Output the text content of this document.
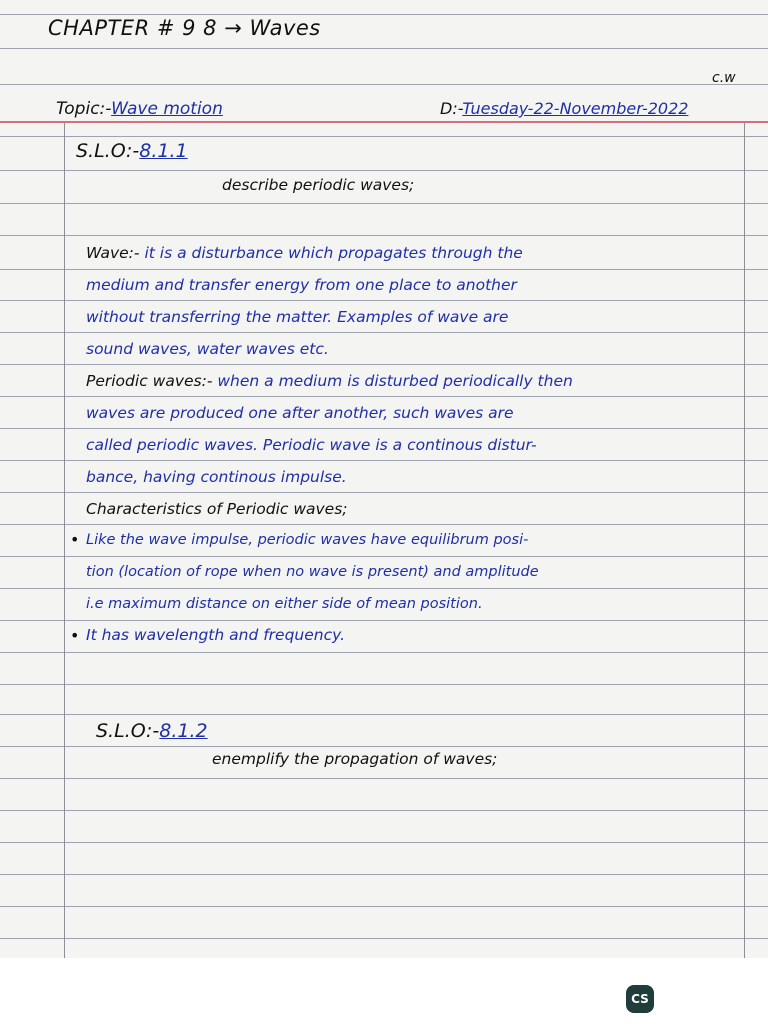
CHAPTER # 9 8 → Waves
c.w
Topic:-Wave motion	D:-Tuesday-22-November-2022
S.L.O:-8.1.1
describe periodic waves;
Wave:- it is a disturbance which propagates through the
medium and transfer energy from one place to another
without transferring the matter. Examples of wave are
sound waves, water waves etc.
Periodic waves:- when a medium is disturbed periodically then
waves are produced one after another, such waves are
called periodic waves. Periodic wave is a continous distur-
bance, having continous impulse.
Characteristics of Periodic waves;
• Like the wave impulse, periodic waves have equilibrum posi-
tion (location of rope when no wave is present) and amplitude
i.e maximum distance on either side of mean position.
• It has wavelength and frequency.
S.L.O:-8.1.2
enemplify the propagation of waves;
CS
